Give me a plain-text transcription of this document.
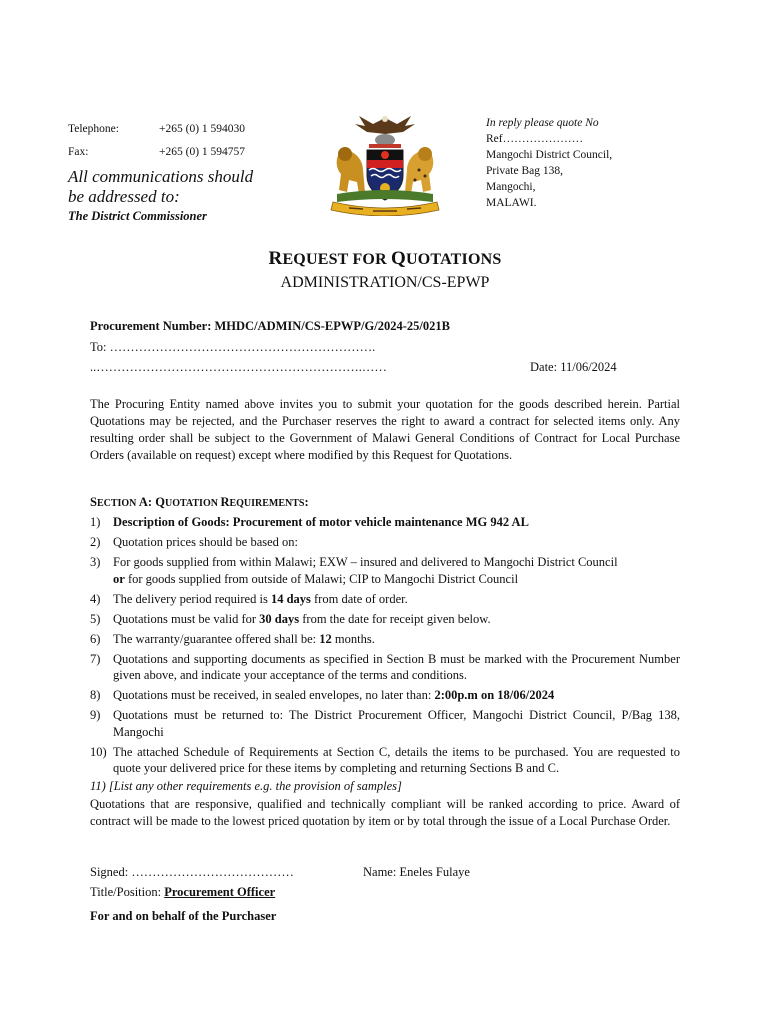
Telephone:	+265 (0) 1 594030
Fax:	+265 (0) 1 594757
All communications should
be addressed to:
The District Commissioner
In reply please quote No
Ref…………………
Mangochi District Council,
Private Bag 138,
Mangochi,
MALAWI.
REQUEST FOR QUOTATIONS
ADMINISTRATION/CS-EPWP
Procurement Number: MHDC/ADMIN/CS-EPWP/G/2024-25/021B
To: ……………………………………………………….
..……………………………………………………….……	Date: 11/06/2024
The Procuring Entity named above invites you to submit your quotation for the goods described herein. Partial Quotations may be rejected, and the Purchaser reserves the right to award a contract for selected items only. Any resulting order shall be subject to the Government of Malawi General Conditions of Contract for Local Purchase Orders (available on request) except where modified by this Request for Quotations.
SECTION A: QUOTATION REQUIREMENTS:
1) Description of Goods: Procurement of motor vehicle maintenance MG 942 AL
2) Quotation prices should be based on:
3) For goods supplied from within Malawi; EXW – insured and delivered to Mangochi District Council
or for goods supplied from outside of Malawi; CIP to Mangochi District Council
4) The delivery period required is 14 days from date of order.
5) Quotations must be valid for 30 days from the date for receipt given below.
6) The warranty/guarantee offered shall be: 12 months.
7) Quotations and supporting documents as specified in Section B must be marked with the Procurement Number given above, and indicate your acceptance of the terms and conditions.
8) Quotations must be received, in sealed envelopes, no later than: 2:00p.m on 18/06/2024
9) Quotations must be returned to: The District Procurement Officer, Mangochi District Council, P/Bag 138, Mangochi
10) The attached Schedule of Requirements at Section C, details the items to be purchased. You are requested to quote your delivered price for these items by completing and returning Sections B and C.
11) [List any other requirements e.g. the provision of samples]
Quotations that are responsive, qualified and technically compliant will be ranked according to price. Award of contract will be made to the lowest priced quotation by item or by total through the issue of a Local Purchase Order.
Signed: …………………………………	Name: Eneles Fulaye
Title/Position: Procurement Officer
For and on behalf of the Purchaser
